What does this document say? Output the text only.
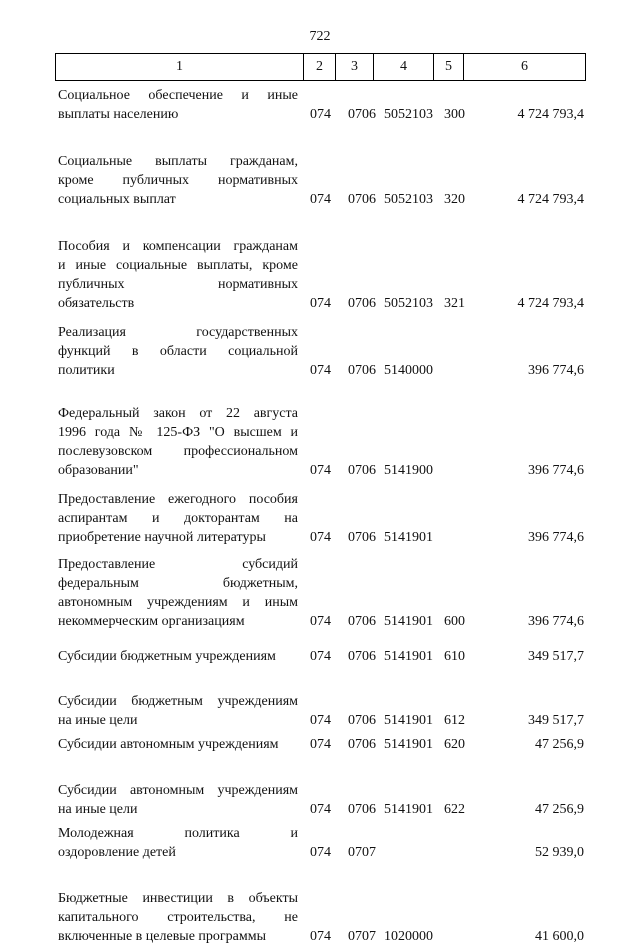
722
1	2	3	4	5	6
Социальное обеспечение и иные
выплаты населению	074 0706 5052103 300	4 724 793,4
Социальные выплаты гражданам,
кроме публичных нормативных
социальных выплат	074 0706 5052103 320	4 724 793,4
Пособия и компенсации гражданам
и иные социальные выплаты, кроме
публичных нормативных
обязательств	074 0706 5052103 321	4 724 793,4
Реализация государственных
функций в области социальной
политики	074 0706 5140000	396 774,6
Федеральный закон от 22 августа
1996 года № 125-ФЗ "О высшем и
послевузовском профессиональном
образовании"	074 0706 5141900	396 774,6
Предоставление ежегодного пособия
аспирантам и докторантам на
приобретение научной литературы	074 0706 5141901	396 774,6
Предоставление субсидий
федеральным бюджетным,
автономным учреждениям и иным
некоммерческим организациям	074 0706 5141901 600	396 774,6
Субсидии бюджетным учреждениям	074 0706 5141901 610	349 517,7
Субсидии бюджетным учреждениям
на иные цели	074 0706 5141901 612	349 517,7
Субсидии автономным учреждениям	074 0706 5141901 620	47 256,9
Субсидии автономным учреждениям
на иные цели	074 0706 5141901 622	47 256,9
Молодежная политика и
оздоровление детей	074 0707	52 939,0
Бюджетные инвестиции в объекты
капитального строительства, не
включенные в целевые программы	074 0707 1020000	41 600,0
